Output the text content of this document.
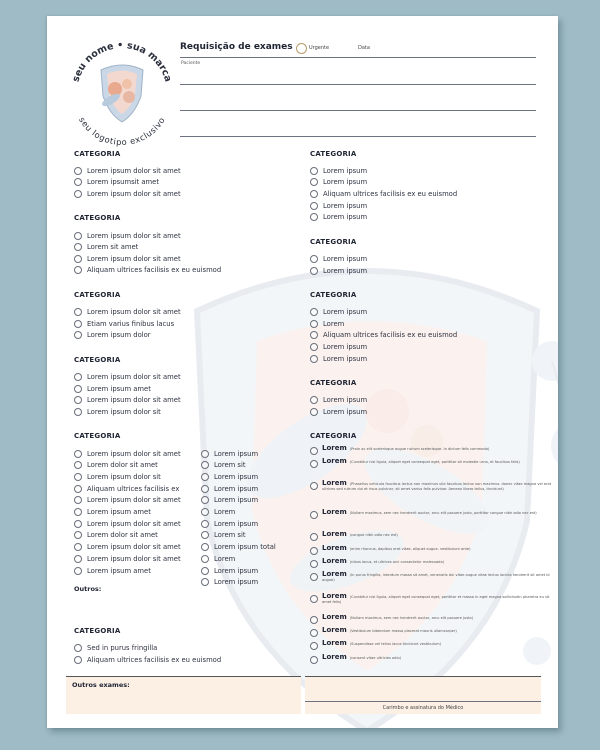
seu nome • sua marca
seu logotipo exclusivo
Requisição de exames	Urgente	Data
Paciente
CATEGORIA
Lorem ipsum dolor sit amet
Lorem ipsumsit amet
Lorem ipsum dolor sit amet
CATEGORIA
Lorem ipsum dolor sit amet
Lorem sit amet
Lorem ipsum dolor sit amet
Aliquam ultrices facilisis ex eu euismod
CATEGORIA
Lorem ipsum dolor sit amet
Etiam varius finibus lacus
Lorem ipsum dolor
CATEGORIA
Lorem ipsum dolor sit amet
Lorem ipsum amet
Lorem ipsum dolor sit amet
Lorem ipsum dolor sit
CATEGORIA
Lorem ipsum dolor sit amet
Lorem dolor sit amet
Lorem ipsum dolor sit
Aliquam ultrices facilisis ex
Lorem ipsum dolor sit amet
Lorem ipsum amet
Lorem ipsum dolor sit amet
Lorem dolor sit amet
Lorem ipsum dolor sit amet
Lorem ipsum dolor sit amet
Lorem ipsum amet
Lorem ipsum
Lorem sit
Lorem ipsum
Lorem ipsum
Lorem ipsum
Lorem
Lorem ipsum
Lorem sit
Lorem ipsum total
Lorem
Lorem ipsum
Lorem ipsum
Outros:
CATEGORIA
Sed in purus fringilla
Aliquam ultrices facilisis ex eu euismod
CATEGORIA
Lorem ipsum
Lorem ipsum
Aliquam ultrices facilisis ex eu euismod
Lorem ipsum
Lorem ipsum
CATEGORIA
Lorem ipsum
Lorem ipsum
CATEGORIA
Lorem ipsum
Lorem
Aliquam ultrices facilisis ex eu euismod
Lorem ipsum
Lorem ipsum
CATEGORIA
Lorem ipsum
Lorem ipsum
CATEGORIA
Lorem (Proin ac elit scelerisque augue rutrum scelerisque. In dictum felis commodo)
Lorem (Curabitur nisi ligula, aliquet eget consequat eget, porttitor sit molestie urna, et faucibus felis)
Lorem (Phasellus vehicula faucibus lectus non maximus ulla faucibus lectus non maximus. donec vitae magna vel erat ultrices sed rutrum dui et risus pulvinar, sit amet varius felis pulvinar. Aenean libero tellus, tincidunt)
Lorem (Nullam maximus, sem nec hendrerit auctor, arcu elit posuere justo, porttitor congue nibh odio nec est)
Lorem (congue nibh odio nec est)
Lorem (enim rhoncus, dapibus erat vitae, aliquet augue. vestibulum ante)
Lorem (nibus lacus, et ultrices orci consectetur malesuada)
Lorem (in purus fringilla, interdum massa sit amet, venenatis dui vitae augue vitae lectus lacinia hendrerit sit amet id augue)
Lorem (Curabitur nisi ligula, aliquet eget consequat eget, porttitor et massa in eget magna sollicitudin pharetra eu sit amet felis)
Lorem (Nullam maximus, sem nec hendrerit auctor, arcu elit posuere justo)
Lorem (Vestibulum bibendum massa placerat mauris ullamcorper)
Lorem (Suspendisse vel tellus lacus tincidunt vestibulum)
Lorem (consent vitae ultricies odio)
Outros exames:
Carimbo e assinatura do Médico
